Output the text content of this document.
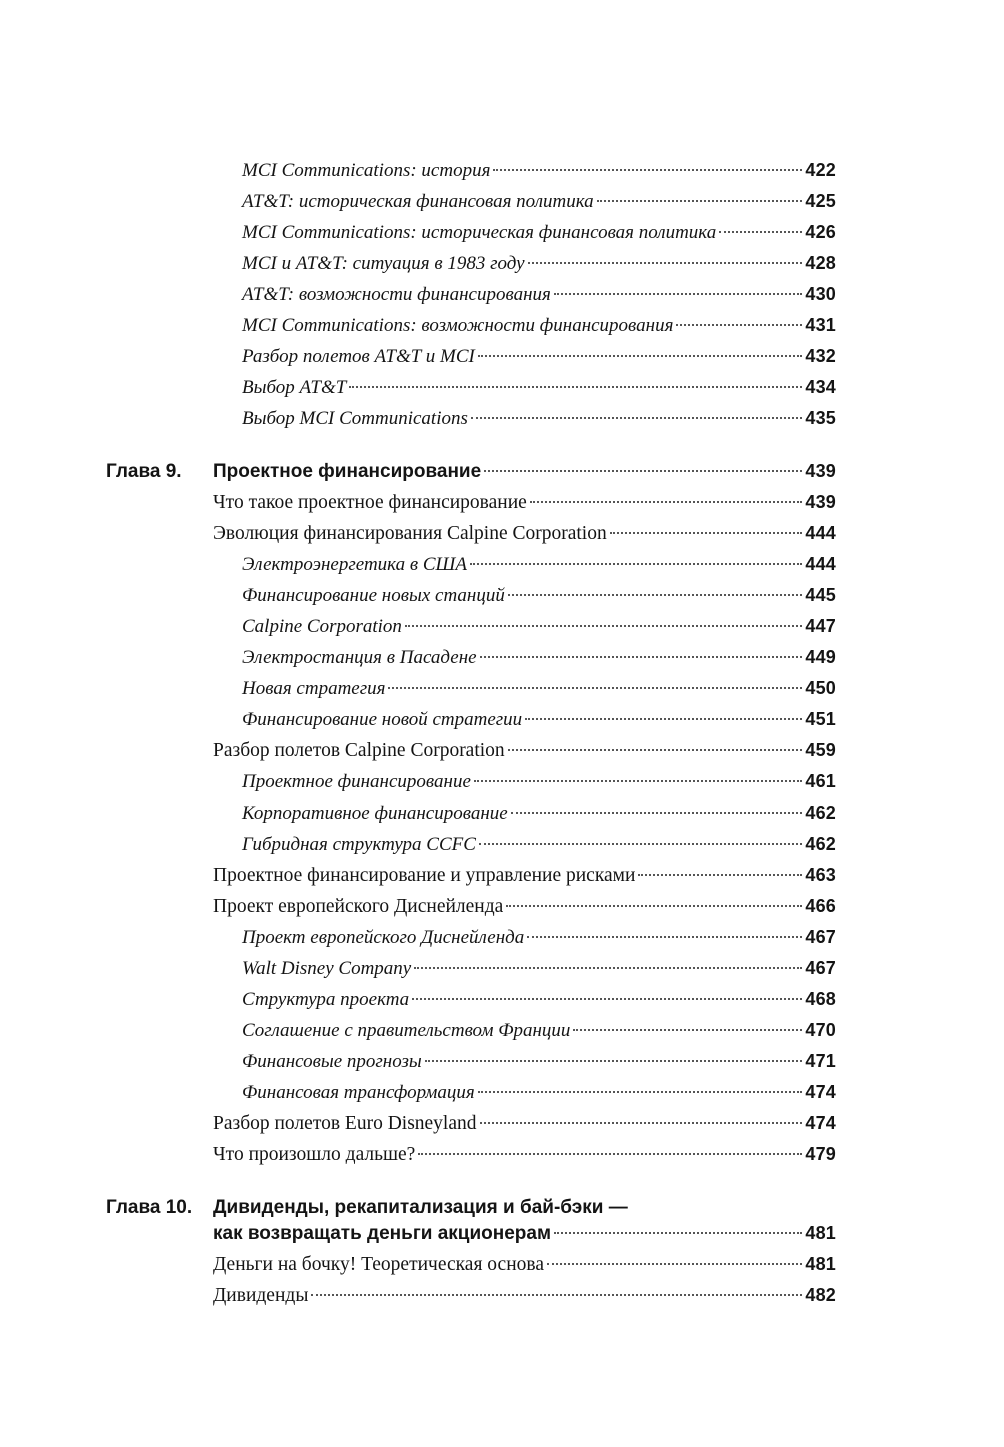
MCI Communications: история	422
AT&T: историческая финансовая политика	425
MCI Communications: историческая финансовая политика	426
MCI и AT&T: ситуация в 1983 году	428
AT&T: возможности финансирования	430
MCI Communications: возможности финансирования	431
Разбор полетов AT&T и MCI	432
Выбор AT&T	434
Выбор MCI Communications	435
Глава 9. Проектное финансирование	439
Что такое проектное финансирование	439
Эволюция финансирования Calpine Corporation	444
Электроэнергетика в США	444
Финансирование новых станций	445
Calpine Corporation	447
Электростанция в Пасадене	449
Новая стратегия	450
Финансирование новой стратегии	451
Разбор полетов Calpine Corporation	459
Проектное финансирование	461
Корпоративное финансирование	462
Гибридная структура CCFC	462
Проектное финансирование и управление рисками	463
Проект европейского Диснейленда	466
Проект европейского Диснейленда	467
Walt Disney Company	467
Структура проекта	468
Соглашение с правительством Франции	470
Финансовые прогнозы	471
Финансовая трансформация	474
Разбор полетов Euro Disneyland	474
Что произошло дальше?	479
Глава 10. Дивиденды, рекапитализация и бай-бэки —
как возвращать деньги акционерам	481
Деньги на бочку! Теоретическая основа	481
Дивиденды	482
